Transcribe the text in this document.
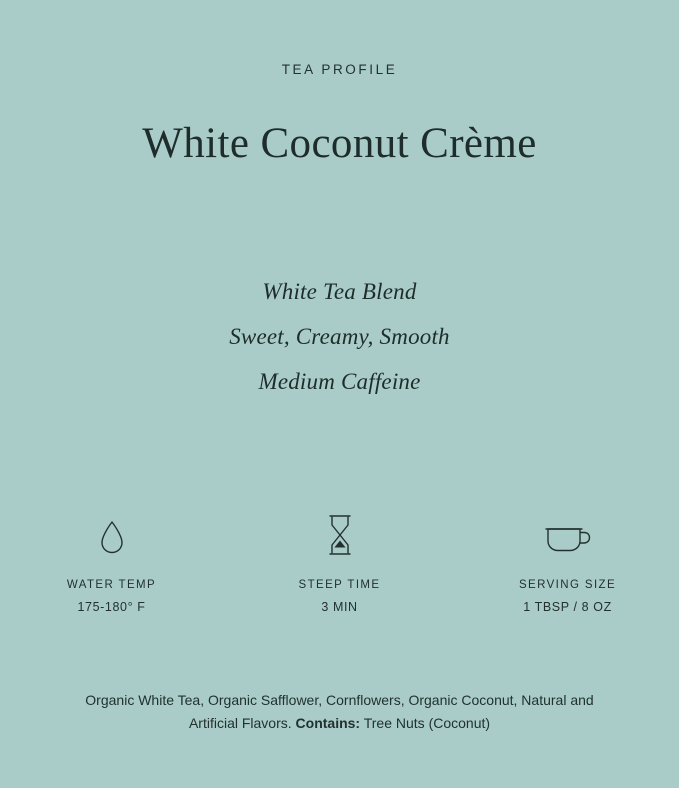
TEA PROFILE
White Coconut Crème
White Tea Blend
Sweet, Creamy, Smooth
Medium Caffeine
WATER TEMP
175-180° F
STEEP TIME
3 MIN
SERVING SIZE
1 TBSP / 8 OZ
Organic White Tea, Organic Safflower, Cornflowers, Organic Coconut, Natural and Artificial Flavors. Contains: Tree Nuts (Coconut)
